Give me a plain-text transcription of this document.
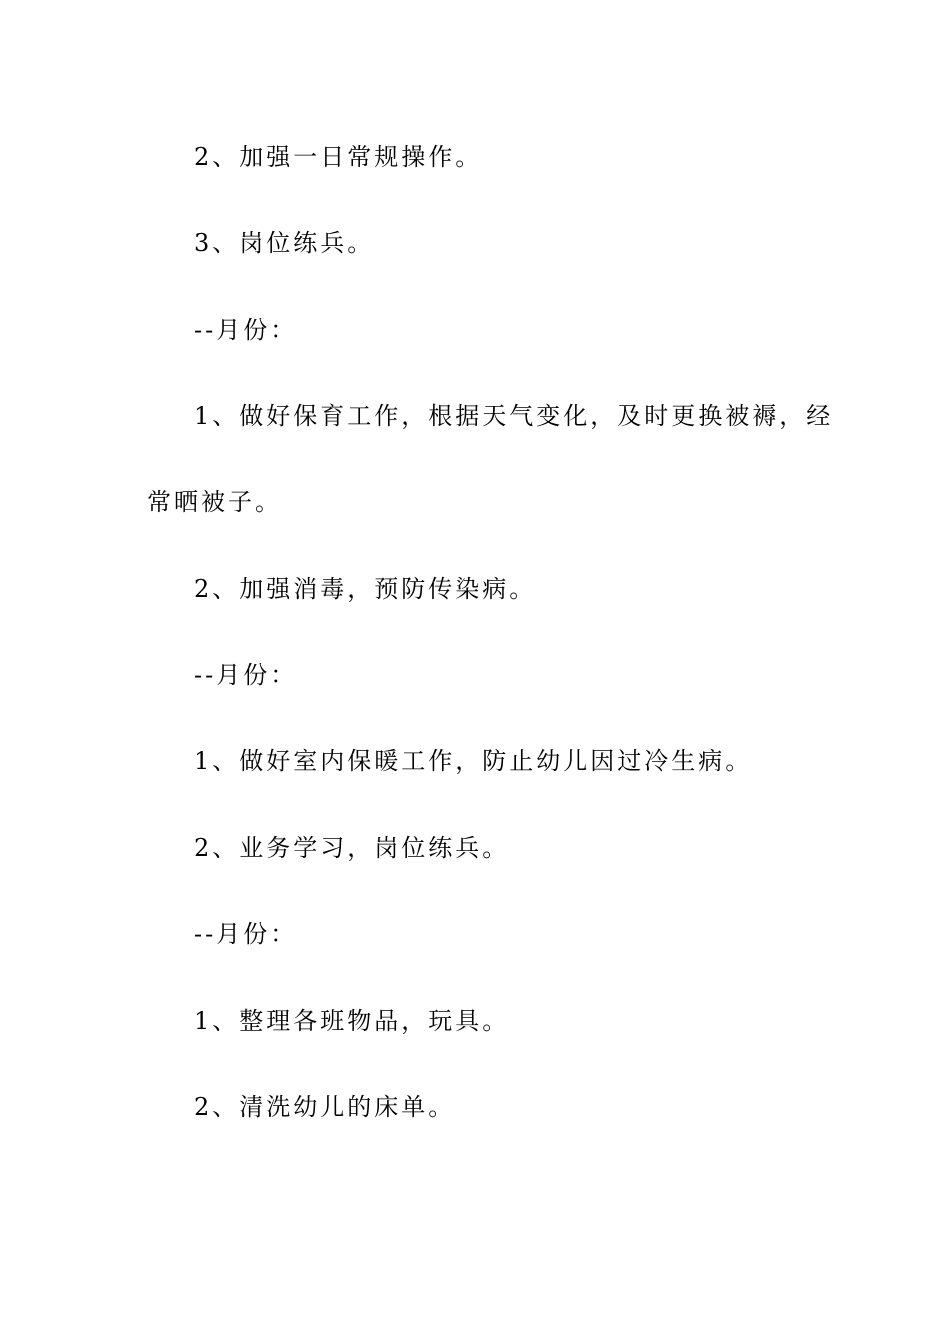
2、加强一日常规操作。
3、岗位练兵。
--月份：
1、做好保育工作，根据天气变化，及时更换被褥，经
常晒被子。
2、加强消毒，预防传染病。
--月份：
1、做好室内保暖工作，防止幼儿因过冷生病。
2、业务学习，岗位练兵。
--月份：
1、整理各班物品，玩具。
2、清洗幼儿的床单。
